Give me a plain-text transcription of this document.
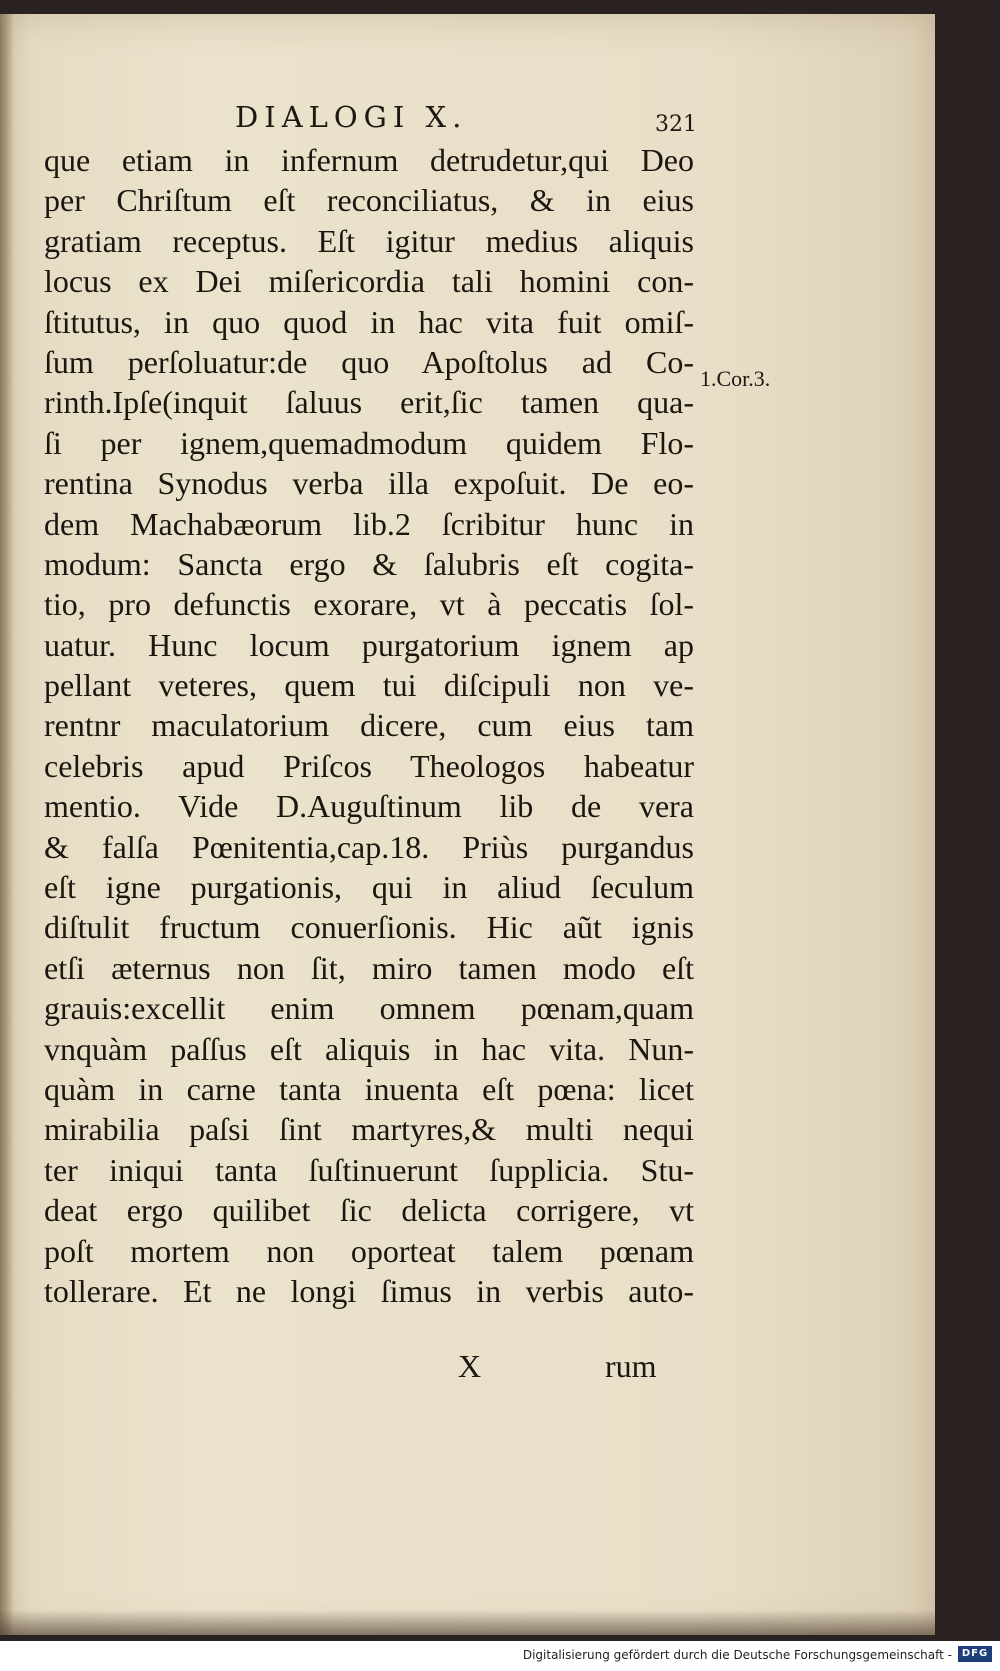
DIALOGI X.	321
que etiam in infernum detrudetur,qui Deo
per Chriſtum eſt reconciliatus, & in eius
gratiam receptus. Eſt igitur medius aliquis
locus ex Dei miſericordia tali homini con-
ſtitutus, in quo quod in hac vita fuit omiſ-
ſum perſoluatur:de quo Apoſtolus ad Co-
rinth.Ipſe(inquit ſaluus erit,ſic tamen qua-
ſi per ignem,quemadmodum quidem Flo-
rentina Synodus verba illa expoſuit. De eo-
dem Machabæorum lib.2 ſcribitur hunc in
modum: Sancta ergo & ſalubris eſt cogita-
tio, pro defunctis exorare, vt à peccatis ſol-
uatur. Hunc locum purgatorium ignem ap
pellant veteres, quem tui diſcipuli non ve-
rentnr maculatorium dicere, cum eius tam
celebris apud Priſcos Theologos habeatur
mentio. Vide D.Auguſtinum lib de vera
& falſa Pœnitentia,cap.18. Priùs purgandus
eſt igne purgationis, qui in aliud ſeculum
diſtulit fructum conuerſionis. Hic aũt ignis
etſi æternus non ſit, miro tamen modo eſt
grauis:excellit enim omnem pœnam,quam
vnquàm paſſus eſt aliquis in hac vita. Nun-
quàm in carne tanta inuenta eſt pœna: licet
mirabilia paſsi ſint martyres,& multi nequi
ter iniqui tanta ſuſtinuerunt ſupplicia. Stu-
deat ergo quilibet ſic delicta corrigere, vt
poſt mortem non oporteat talem pœnam
tollerare. Et ne longi ſimus in verbis auto-
1.Cor.3.
X	rum
Digitalisierung gefördert durch die Deutsche Forschungsgemeinschaft - DFG
